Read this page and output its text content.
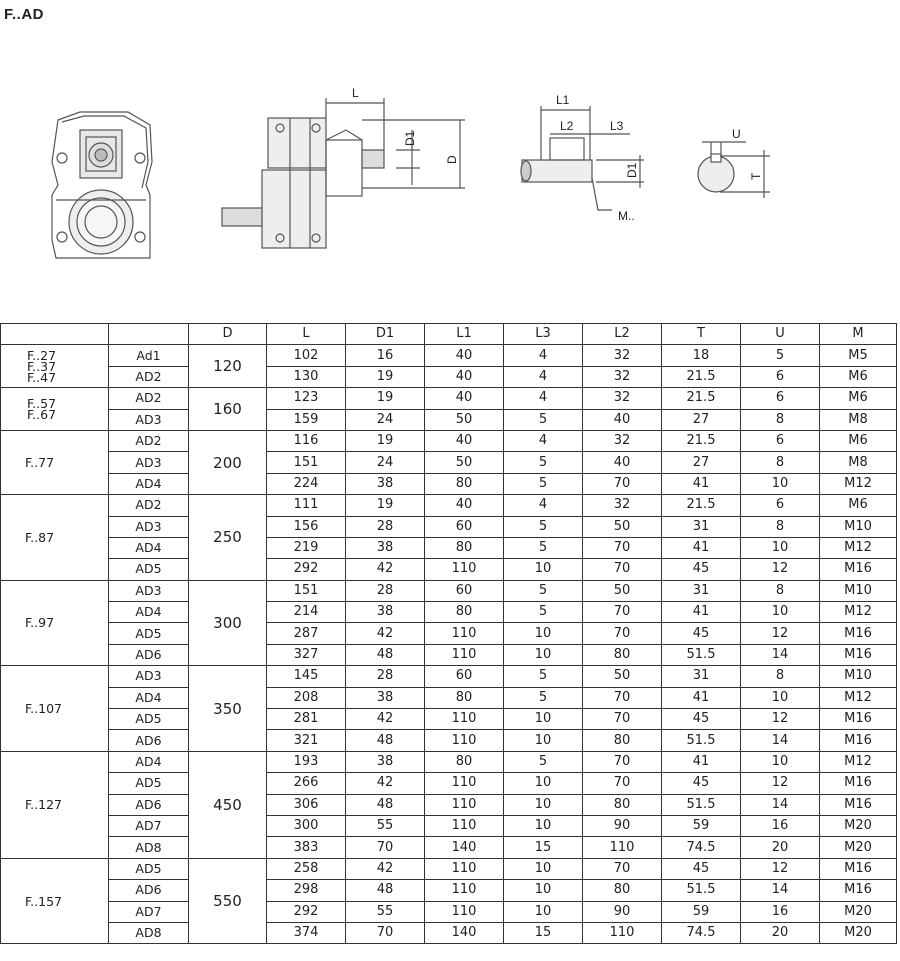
F..AD
L
D1
D
L1
L2	L3
D1
M..
U
T
		D	L	D1	L1	L3	L2	T	U	M

F..27
F..37
F..47	Ad1	120	102	16	40	4	32	18	5	M5
	AD2		130	19	40	4	32	21.5	6	M6

F..57
F..67	AD2	160	123	19	40	4	32	21.5	6	M6
	AD3		159	24	50	5	40	27	8	M8

F..77	AD2	200	116	19	40	4	32	21.5	6	M6
	AD3		151	24	50	5	40	27	8	M8
	AD4		224	38	80	5	70	41	10	M12

F..87	AD2	250	111	19	40	4	32	21.5	6	M6
	AD3		156	28	60	5	50	31	8	M10
	AD4		219	38	80	5	70	41	10	M12
	AD5		292	42	110	10	70	45	12	M16

F..97	AD3	300	151	28	60	5	50	31	8	M10
	AD4		214	38	80	5	70	41	10	M12
	AD5		287	42	110	10	70	45	12	M16
	AD6		327	48	110	10	80	51.5	14	M16

F..107	AD3	350	145	28	60	5	50	31	8	M10
	AD4		208	38	80	5	70	41	10	M12
	AD5		281	42	110	10	70	45	12	M16
	AD6		321	48	110	10	80	51.5	14	M16

F..127	AD4	450	193	38	80	5	70	41	10	M12
	AD5		266	42	110	10	70	45	12	M16
	AD6		306	48	110	10	80	51.5	14	M16
	AD7		300	55	110	10	90	59	16	M20
	AD8		383	70	140	15	110	74.5	20	M20

F..157	AD5	550	258	42	110	10	70	45	12	M16
	AD6		298	48	110	10	80	51.5	14	M16
	AD7		292	55	110	10	90	59	16	M20
	AD8		374	70	140	15	110	74.5	20	M20
